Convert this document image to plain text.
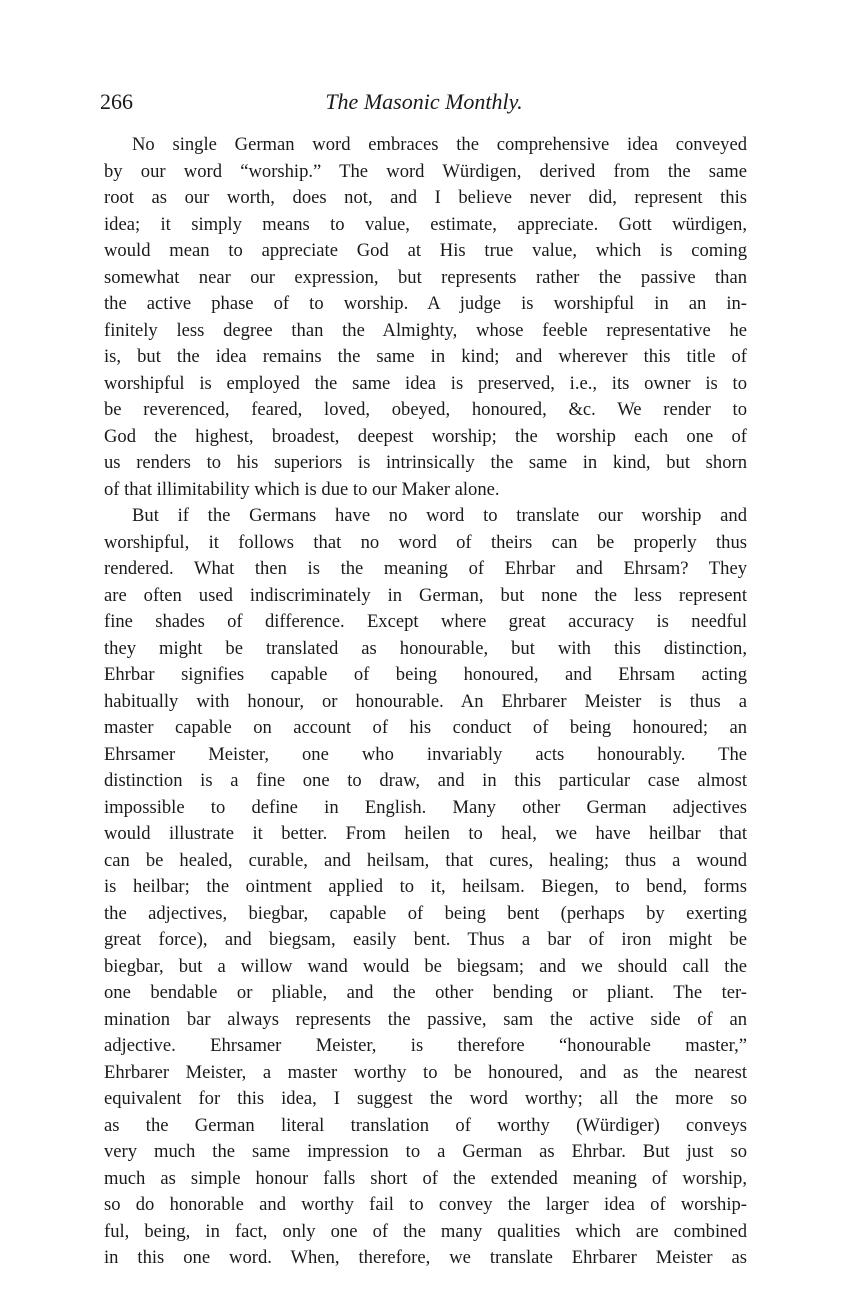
266	The Masonic Monthly.
No single German word embraces the comprehensive idea conveyed
by our word “worship.” The word Würdigen, derived from the same
root as our worth, does not, and I believe never did, represent this
idea; it simply means to value, estimate, appreciate. Gott würdigen,
would mean to appreciate God at His true value, which is coming
somewhat near our expression, but represents rather the passive than
the active phase of to worship. A judge is worshipful in an in-
finitely less degree than the Almighty, whose feeble representative he
is, but the idea remains the same in kind; and wherever this title of
worshipful is employed the same idea is preserved, i.e., its owner is to
be reverenced, feared, loved, obeyed, honoured, &c. We render to
God the highest, broadest, deepest worship; the worship each one of
us renders to his superiors is intrinsically the same in kind, but shorn
of that illimitability which is due to our Maker alone.
But if the Germans have no word to translate our worship and
worshipful, it follows that no word of theirs can be properly thus
rendered. What then is the meaning of Ehrbar and Ehrsam? They
are often used indiscriminately in German, but none the less represent
fine shades of difference. Except where great accuracy is needful
they might be translated as honourable, but with this distinction,
Ehrbar signifies capable of being honoured, and Ehrsam acting
habitually with honour, or honourable. An Ehrbarer Meister is thus a
master capable on account of his conduct of being honoured; an
Ehrsamer Meister, one who invariably acts honourably. The
distinction is a fine one to draw, and in this particular case almost
impossible to define in English. Many other German adjectives
would illustrate it better. From heilen to heal, we have heilbar that
can be healed, curable, and heilsam, that cures, healing; thus a wound
is heilbar; the ointment applied to it, heilsam. Biegen, to bend, forms
the adjectives, biegbar, capable of being bent (perhaps by exerting
great force), and biegsam, easily bent. Thus a bar of iron might be
biegbar, but a willow wand would be biegsam; and we should call the
one bendable or pliable, and the other bending or pliant. The ter-
mination bar always represents the passive, sam the active side of an
adjective. Ehrsamer Meister, is therefore “honourable master,”
Ehrbarer Meister, a master worthy to be honoured, and as the nearest
equivalent for this idea, I suggest the word worthy; all the more so
as the German literal translation of worthy (Würdiger) conveys
very much the same impression to a German as Ehrbar. But just so
much as simple honour falls short of the extended meaning of worship,
so do honorable and worthy fail to convey the larger idea of worship-
ful, being, in fact, only one of the many qualities which are combined
in this one word. When, therefore, we translate Ehrbarer Meister as
